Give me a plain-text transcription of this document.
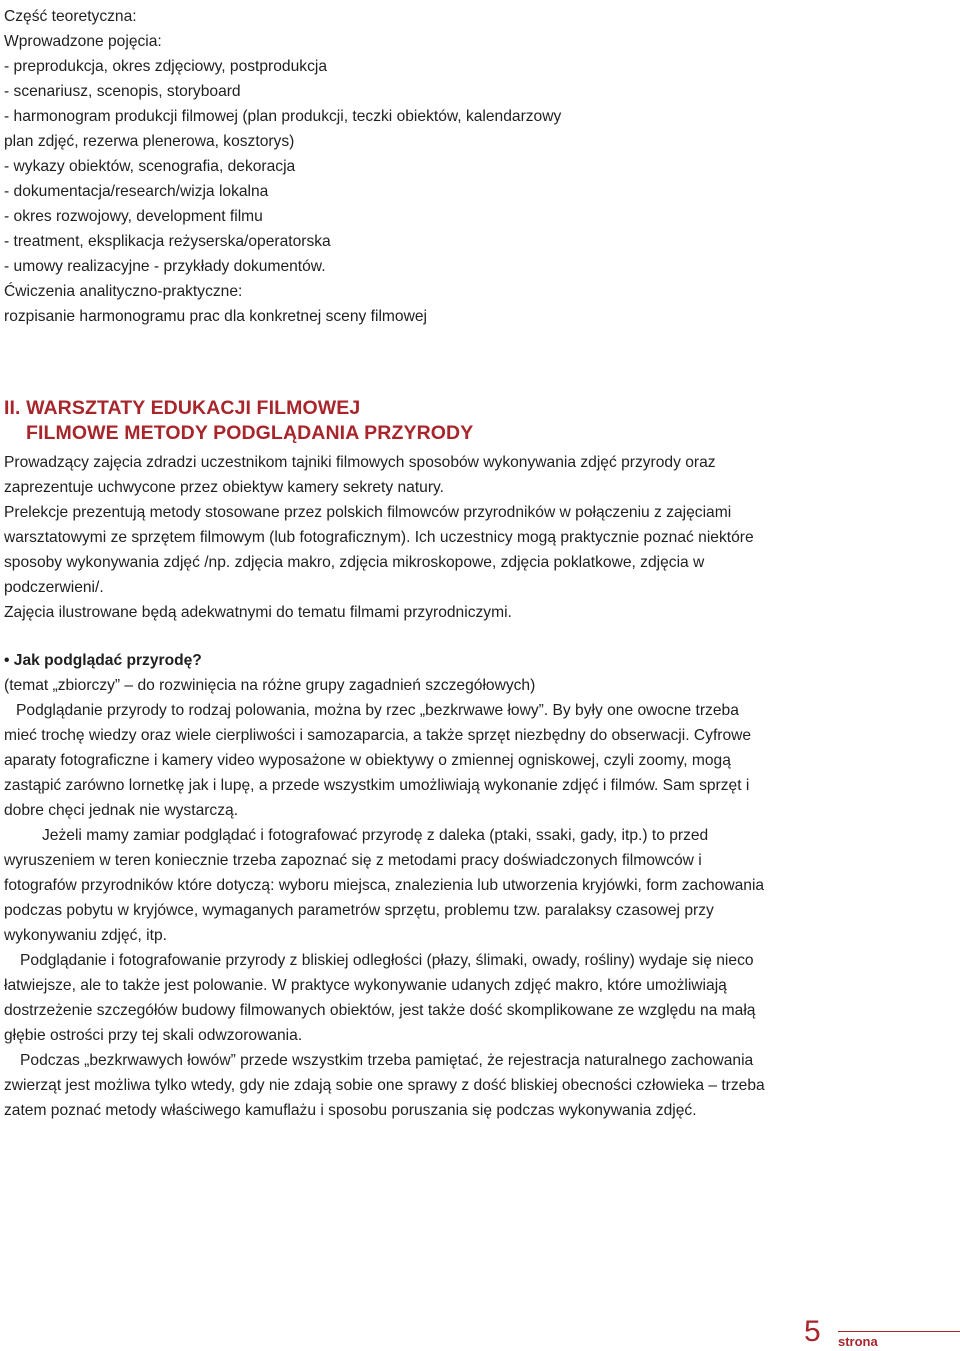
Część teoretyczna:

Wprowadzone pojęcia:

- preprodukcja, okres zdjęciowy, postprodukcja

- scenariusz, scenopis, storyboard

- harmonogram produkcji filmowej (plan produkcji, teczki obiektów, kalendarzowy

plan zdjęć, rezerwa plenerowa, kosztorys)

- wykazy obiektów, scenografia, dekoracja

- dokumentacja/research/wizja lokalna

- okres rozwojowy, development filmu

- treatment, eksplikacja reżyserska/operatorska

- umowy realizacyjne - przykłady dokumentów.

Ćwiczenia analityczno-praktyczne:

rozpisanie harmonogramu prac dla konkretnej sceny filmowej

II. WARSZTATY EDUKACJI FILMOWEJ
FILMOWE METODY PODGLĄDANIA PRZYRODY

Prowadzący zajęcia zdradzi uczestnikom tajniki filmowych sposobów wykonywania zdjęć przyrody oraz

zaprezentuje uchwycone przez obiektyw kamery sekrety natury.

Prelekcje prezentują metody stosowane przez polskich filmowców przyrodników w połączeniu z zajęciami

warsztatowymi ze sprzętem filmowym (lub fotograficznym). Ich uczestnicy mogą praktycznie poznać niektóre

sposoby wykonywania zdjęć /np. zdjęcia makro, zdjęcia mikroskopowe, zdjęcia poklatkowe, zdjęcia w

podczerwieni/.

Zajęcia ilustrowane będą adekwatnymi do tematu filmami przyrodniczymi.

• Jak podglądać przyrodę?

(temat „zbiorczy” – do rozwinięcia na różne grupy zagadnień szczegółowych)

Podglądanie przyrody to rodzaj polowania, można by rzec „bezkrwawe łowy”. By były one owocne trzeba

mieć trochę wiedzy oraz wiele cierpliwości i samozaparcia, a także sprzęt niezbędny do obserwacji. Cyfrowe

aparaty fotograficzne i kamery video wyposażone w obiektywy o zmiennej ogniskowej, czyli zoomy, mogą

zastąpić zarówno lornetkę jak i lupę, a przede wszystkim umożliwiają wykonanie zdjęć i filmów. Sam sprzęt i

dobre chęci jednak nie wystarczą.

Jeżeli mamy zamiar podglądać i fotografować przyrodę z daleka (ptaki, ssaki, gady, itp.) to przed

wyruszeniem w teren koniecznie trzeba zapoznać się z metodami pracy doświadczonych filmowców i

fotografów przyrodników które dotyczą: wyboru miejsca, znalezienia lub utworzenia kryjówki, form zachowania

podczas pobytu w kryjówce, wymaganych parametrów sprzętu, problemu tzw. paralaksy czasowej przy

wykonywaniu zdjęć, itp.

Podglądanie i fotografowanie przyrody z bliskiej odległości (płazy, ślimaki, owady, rośliny) wydaje się nieco

łatwiejsze, ale to także jest polowanie. W praktyce wykonywanie udanych zdjęć makro, które umożliwiają

dostrzeżenie szczegółów budowy filmowanych obiektów, jest także dość skomplikowane ze względu na małą

głębie ostrości przy tej skali odwzorowania.

Podczas „bezkrwawych łowów” przede wszystkim trzeba pamiętać, że rejestracja naturalnego zachowania

zwierząt jest możliwa tylko wtedy, gdy nie zdają sobie one sprawy z dość bliskiej obecności człowieka – trzeba

zatem poznać metody właściwego kamuflażu i sposobu poruszania się podczas wykonywania zdjęć.

5 strona
